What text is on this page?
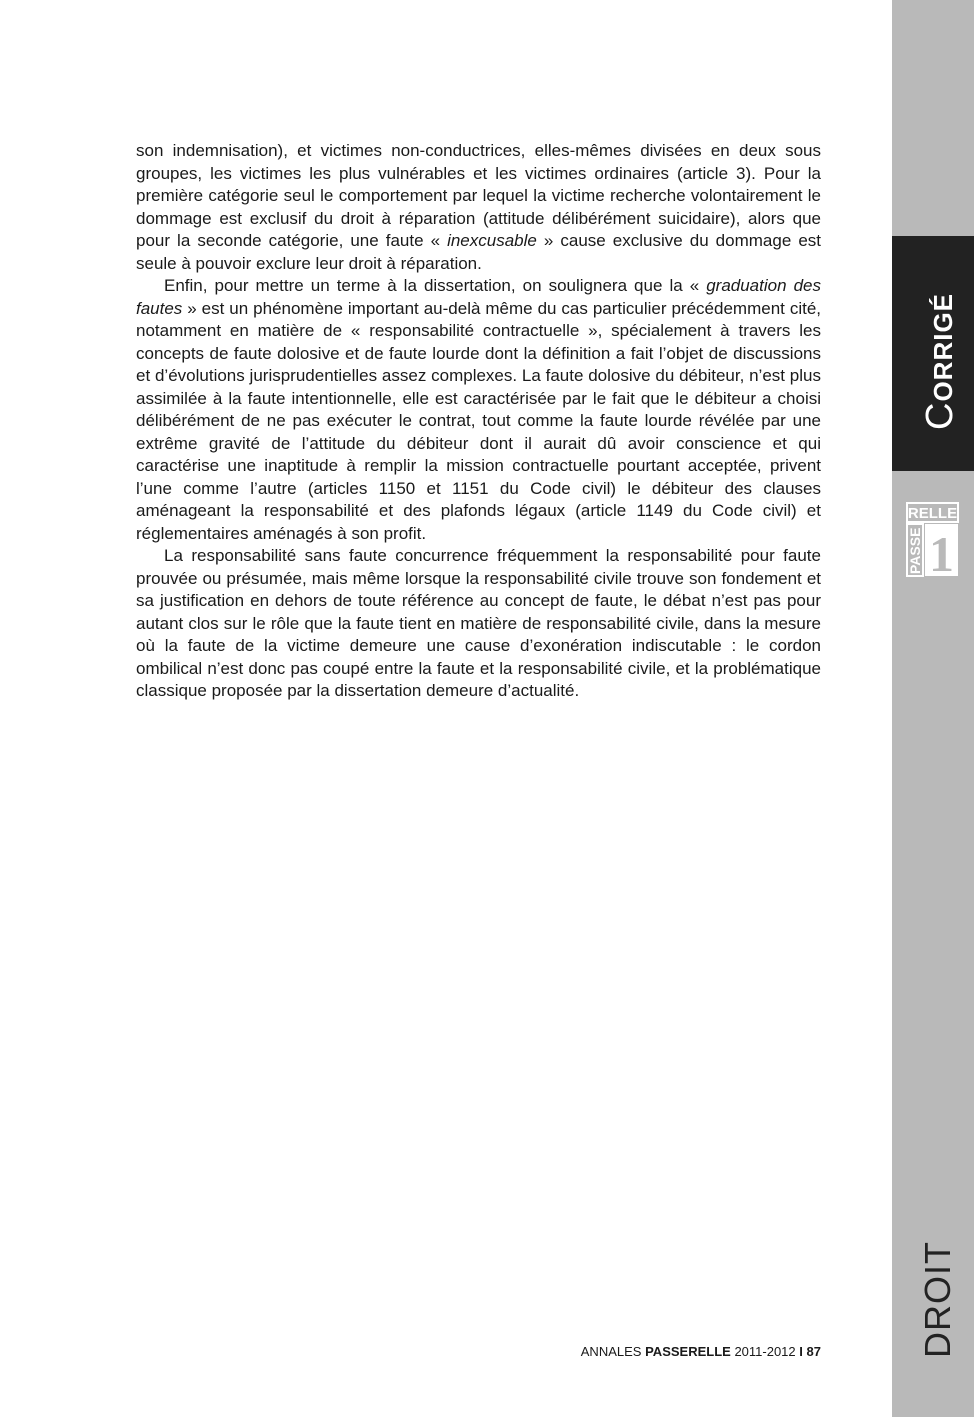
son indemnisation), et victimes non-conductrices, elles-mêmes divisées en deux sous groupes, les victimes les plus vulnérables et les victimes ordinaires (article 3). Pour la première catégorie seul le comportement par lequel la victime recherche volontairement le dommage est exclusif du droit à réparation (attitude délibérément suicidaire), alors que pour la seconde catégorie, une faute « inexcusable » cause exclusive du dommage est seule à pouvoir exclure leur droit à réparation.

Enfin, pour mettre un terme à la dissertation, on soulignera que la « graduation des fautes » est un phénomène important au-delà même du cas particulier précédemment cité, notamment en matière de « responsabilité contractuelle », spécialement à travers les concepts de faute dolosive et de faute lourde dont la définition a fait l’objet de discussions et d’évolutions jurisprudentielles assez complexes. La faute dolosive du débiteur, n’est plus assimilée à la faute intentionnelle, elle est caractérisée par le fait que le débiteur a choisi délibérément de ne pas exécuter le contrat, tout comme la faute lourde révélée par une extrême gravité de l’attitude du débiteur dont il aurait dû avoir conscience et qui caractérise une inaptitude à remplir la mission contractuelle pourtant acceptée, privent l’une comme l’autre (articles 1150 et 1151 du Code civil) le débiteur des clauses aménageant la responsabilité et des plafonds légaux (article 1149 du Code civil) et réglementaires aménagés à son profit.

La responsabilité sans faute concurrence fréquemment la responsabilité pour faute prouvée ou présumée, mais même lorsque la responsabilité civile trouve son fondement et sa justification en dehors de toute référence au concept de faute, le débat n’est pas pour autant clos sur le rôle que la faute tient en matière de responsabilité civile, dans la mesure où la faute de la victime demeure une cause d’exonération indiscutable : le cordon ombilical n’est donc pas coupé entre la faute et la responsabilité civile, et la problématique classique proposée par la dissertation demeure d’actualité.

ANNALES PASSERELLE 2011-2012 I 87
CORRIGÉ
RELLE
PASSE 1
DROIT
